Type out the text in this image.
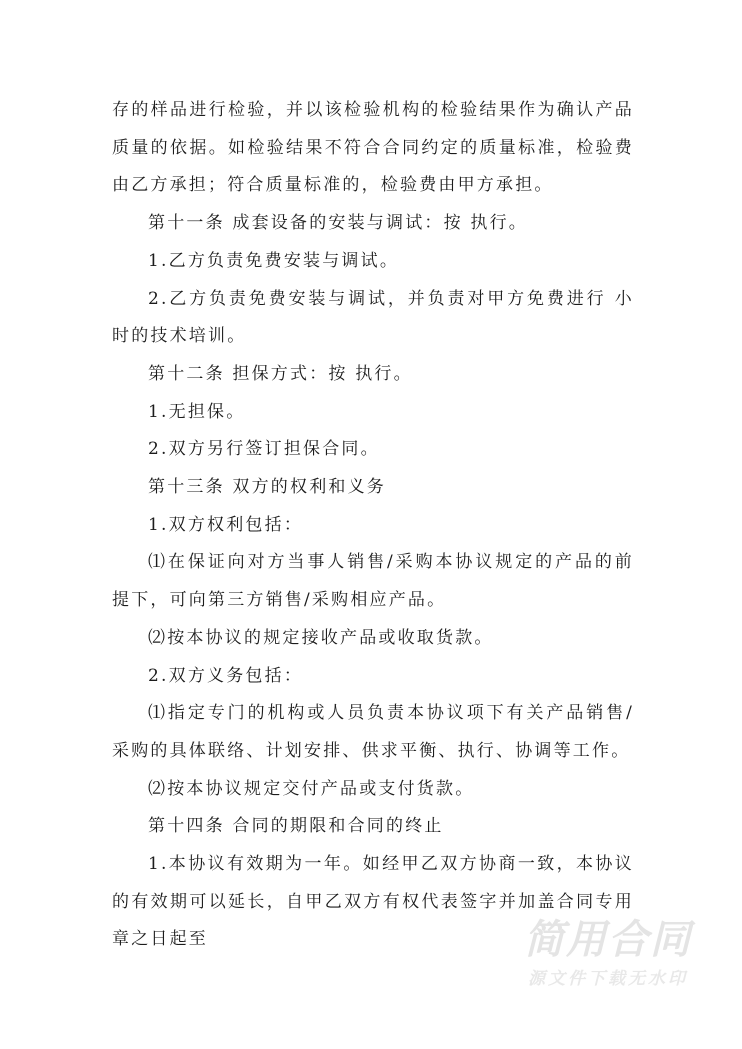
存的样品进行检验，并以该检验机构的检验结果作为确认产品质量的依据。如检验结果不符合合同约定的质量标准，检验费由乙方承担；符合质量标准的，检验费由甲方承担。

第十一条 成套设备的安装与调试：按 执行。

1.乙方负责免费安装与调试。

2.乙方负责免费安装与调试，并负责对甲方免费进行 小时的技术培训。

第十二条 担保方式：按 执行。

1.无担保。

2.双方另行签订担保合同。

第十三条 双方的权利和义务

1.双方权利包括：

⑴在保证向对方当事人销售/采购本协议规定的产品的前提下，可向第三方销售/采购相应产品。

⑵按本协议的规定接收产品或收取货款。

2.双方义务包括：

⑴指定专门的机构或人员负责本协议项下有关产品销售/采购的具体联络、计划安排、供求平衡、执行、协调等工作。

⑵按本协议规定交付产品或支付货款。

第十四条 合同的期限和合同的终止

1.本协议有效期为一年。如经甲乙双方协商一致，本协议的有效期可以延长，自甲乙双方有权代表签字并加盖合同专用章之日起至	简用合同
源文件下载无水印
